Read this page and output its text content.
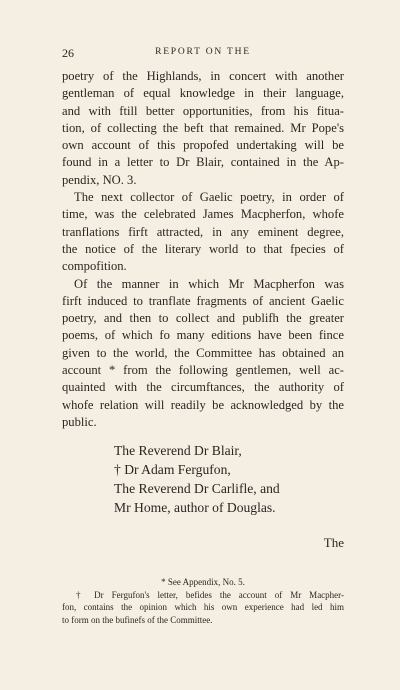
26	REPORT ON THE
poetry of the Highlands, in concert with another
gentleman of equal knowledge in their language,
and with ftill better opportunities, from his fitua-
tion, of collecting the beft that remained. Mr Pope's
own account of this propofed undertaking will be
found in a letter to Dr Blair, contained in the Ap-
pendix, NO. 3.
The next collector of Gaelic poetry, in order of
time, was the celebrated James Macpherfon, whofe
tranflations firft attracted, in any eminent degree,
the notice of the literary world to that fpecies of
compofition.
Of the manner in which Mr Macpherfon was
firft induced to tranflate fragments of ancient Gaelic
poetry, and then to collect and publifh the greater
poems, of which fo many editions have been fince
given to the world, the Committee has obtained an
account * from the following gentlemen, well ac-
quainted with the circumftances, the authority of
whofe relation will readily be acknowledged by the
public.
The Reverend Dr Blair,
† Dr Adam Fergufon,
The Reverend Dr Carlifle, and
Mr Home, author of Douglas.
The
* See Appendix, No. 5.
† Dr Fergufon's letter, befides the account of Mr Macpher-
fon, contains the opinion which his own experience had led him
to form on the bufinefs of the Committee.
